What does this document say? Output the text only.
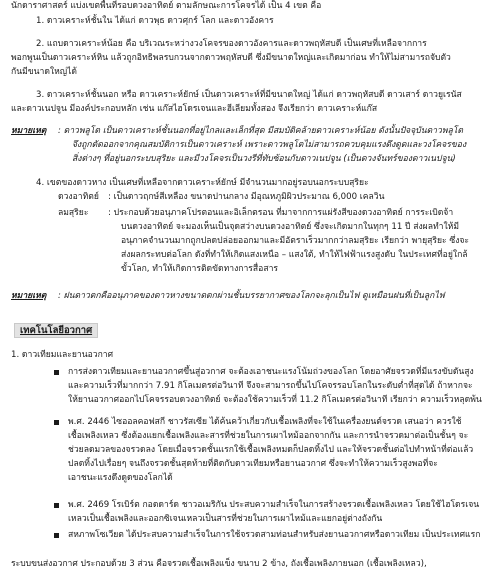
นักดาราศาสตร์ แบ่งเขตพื้นที่รอบดวงอาทิตย์ ตามลักษณะการโคจรได้ เป็น 4 เขต คือ
1. ดาวเคราะห์ชั้นใน ได้แก่ ดาวพุธ ดาวศุกร์ โลก และดาวอังคาร
2. แถบดาวเคราะห์น้อย คือ บริเวณระหว่างวงโคจรของดาวอังคารและดาวพฤหัสบดี เป็นเศษที่เหลือจากการ
พอกพูนเป็นดาวเคราะห์หิน แล้วถูกอิทธิพลรบกวนจากดาวพฤหัสบดี ซึ่งมีขนาดใหญ่และเกิดมาก่อน ทำให้ไม่สามารถจับตัว
กันมีขนาดใหญ่ได้
3. ดาวเคราะห์ชั้นนอก หรือ ดาวเคราะห์ยักษ์ เป็นดาวเคราะห์ที่มีขนาดใหญ่ ได้แก่ ดาวพฤหัสบดี ดาวเสาร์ ดาวยูเรนัส
และดาวเนปจูน มีองค์ประกอบหลัก เช่น แก๊สไฮโดรเจนและฮีเลียมทั้งสอง จึงเรียกว่า ดาวเคราะห์แก๊ส
หมายเหตุ : ดาวพลูโต เป็นดาวเคราะห์ชั้นนอกที่อยู่ไกลและเล็กที่สุด มีสมบัติคล้ายดาวเคราะห์น้อย ดังนั้นปัจจุบันดาวพลูโต
จึงถูกตัดออกจากคุณสมบัติการเป็นดาวเคราะห์ เพราะดาวพลูโตไม่สามารถควบคุมแรงดึงดูดและวงโคจรของ
สิ่งต่างๆ ที่อยู่นอกระบบสุริยะ และมีวงโคจรเป็นวงรีที่ทับซ้อนกับดาวเนปจูน (เป็นดวงจันทร์ของดาวเนปจูน)
4. เขตของดาวหาง เป็นเศษที่เหลือจากดาวเคราะห์ยักษ์ มีจำนวนมากอยู่รอบนอกระบบสุริยะ
ดวงอาทิตย์ : เป็นดาวฤกษ์สีเหลือง ขนาดปานกลาง มีอุณหภูมิผิวประมาณ 6,000 เคลวิน
ลมสุริยะ : ประกอบด้วยอนุภาคโปรตอนและอิเล็กตรอน ที่มาจากการแผ่รังสีของดวงอาทิตย์ การระเบิดจ้า
บนดวงอาทิตย์ จะมองเห็นเป็นจุดสว่างบนดวงอาทิตย์ ซึ่งจะเกิดมากในทุกๆ 11 ปี ส่งผลทำให้มี
อนุภาคจำนวนมากถูกปลดปล่อยออกมาและมีอัตราเร็วมากกว่าลมสุริยะ เรียกว่า พายุสุริยะ ซึ่งจะ
ส่งผลกระทบต่อโลก ดังที่ทำให้เกิดแสงเหนือ – แสงใต้, ทำให้ไฟฟ้าแรงสูงดับ ในประเทศที่อยู่ใกล้
ขั้วโลก, ทำให้เกิดการติดขัดทางการสื่อสาร
หมายเหตุ : ฝนดาวตกคืออนุภาคของดาวหางขนาดตกผ่านชั้นบรรยากาศของโลกจะลุกเป็นไฟ ดูเหมือนฝนที่เป็นลูกไฟ
เทคโนโลยีอวกาศ
1. ดาวเทียมและยานอวกาศ
การส่งดาวเทียมและยานอวกาศขึ้นสู่อวกาศ จะต้องเอาชนะแรงโน้มถ่วงของโลก โดยอาศัยจรวดที่มีแรงขับดันสูง
และความเร็วที่มากกว่า 7.91 กิโลเมตรต่อวินาที จึงจะสามารถขึ้นไปโคจรรอบโลกในระดับต่ำที่สุดได้ ถ้าหากจะ
ให้ยานอวกาศออกไปโคจรรอบดวงอาทิตย์ จะต้องใช้ความเร็วที่ 11.2 กิโลเมตรต่อวินาที เรียกว่า ความเร็วหลุดพ้น
พ.ศ. 2446 ไซออลคอฟสกี ชาวรัสเซีย ได้ค้นคว้าเกี่ยวกับเชื้อเพลิงที่จะใช้ในเครื่องยนต์จรวด เสนอว่า ควรใช้
เชื้อเพลิงเหลว ซึ่งต้องแยกเชื้อเพลิงและสารที่ช่วยในการเผาไหม้ออกจากกัน และการนำจรวดมาต่อเป็นชั้นๆ จะ
ช่วยลดมวลของจรวดลง โดยเมื่อจรวดชั้นแรกใช้เชื้อเพลิงหมดก็ปลดทิ้งไป และให้จรวดชั้นต่อไปทำหน้าที่ต่อแล้ว
ปลดทิ้งไปเรื่อยๆ จนถึงจรวดชั้นสุดท้ายที่ติดกับดาวเทียมหรือยานอวกาศ ซึ่งจะทำให้ความเร็วสูงพอที่จะ
เอาชนะแรงดึงดูดของโลกได้
พ.ศ. 2469 โรเบิร์ต กอดดาร์ด ชาวอเมริกัน ประสบความสำเร็จในการสร้างจรวดเชื้อเพลิงเหลว โดยใช้ไฮโดรเจน
เหลวเป็นเชื้อเพลิงและออกซิเจนเหลวเป็นสารที่ช่วยในการเผาไหม้และแยกอยู่ต่างถังกัน
สหภาพโซเวียต ได้ประสบความสำเร็จในการใช้จรวดสามท่อนสำหรับส่งยานอวกาศหรือดาวเทียม เป็นประเทศแรก
ระบบขนส่งอวกาศ ประกอบด้วย 3 ส่วน คือจรวดเชื้อเพลิงแข็ง ขนาบ 2 ข้าง, ถังเชื้อเพลิงภายนอก (เชื้อเพลิงเหลว),
